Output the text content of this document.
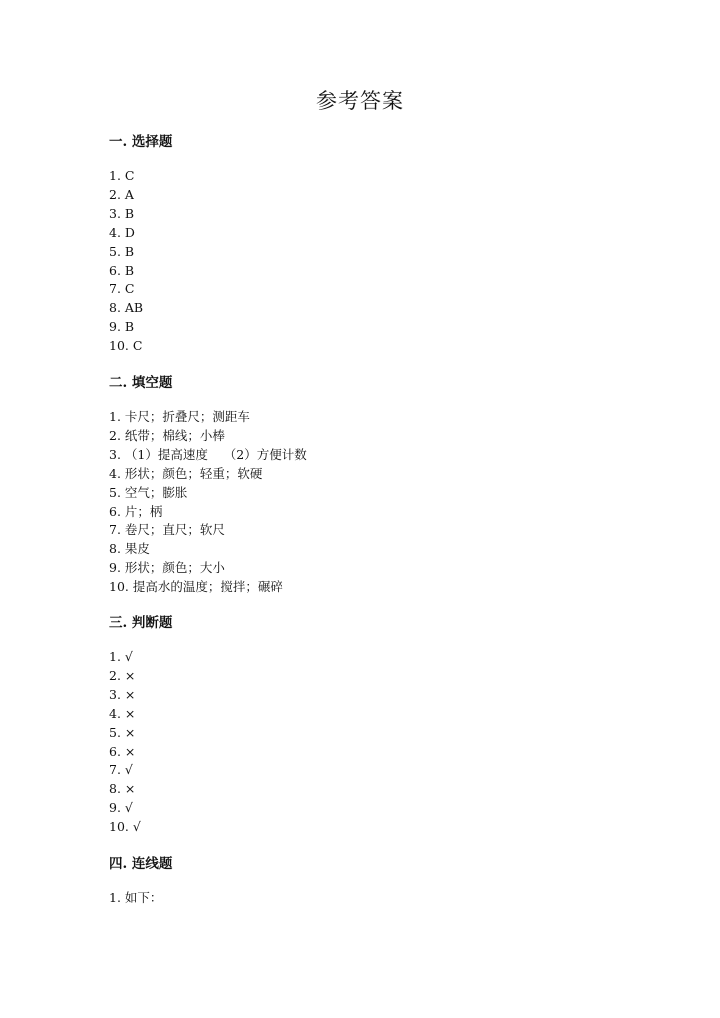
参考答案
一. 选择题
1. C
2. A
3. B
4. D
5. B
6. B
7. C
8. AB
9. B
10. C
二. 填空题
1. 卡尺；折叠尺；测距车
2. 纸带；棉线；小棒
3. （1）提高速度    （2）方便计数
4. 形状；颜色；轻重；软硬
5. 空气；膨胀
6. 片；柄
7. 卷尺；直尺；软尺
8. 果皮
9. 形状；颜色；大小
10. 提高水的温度；搅拌；碾碎
三. 判断题
1. √
2. ×
3. ×
4. ×
5. ×
6. ×
7. √
8. ×
9. √
10. √
四. 连线题
1. 如下：
